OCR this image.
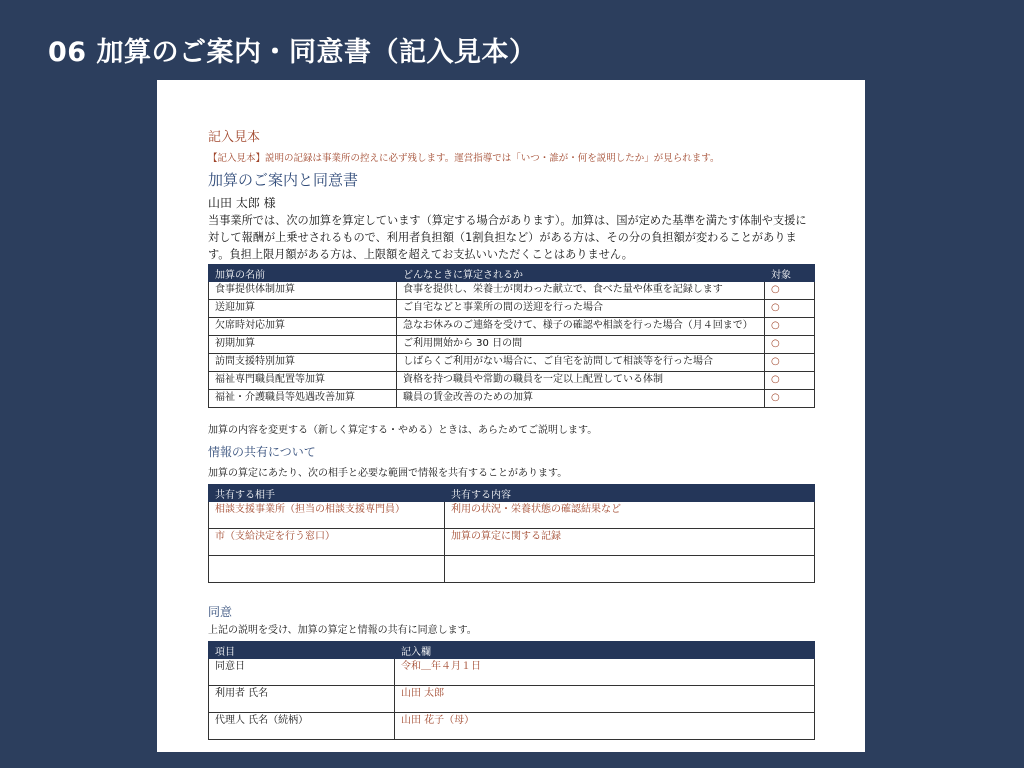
06 加算のご案内・同意書（記入見本）

記入見本

【記入見本】説明の記録は事業所の控えに必ず残します。運営指導では「いつ・誰が・何を説明したか」が見られます。

加算のご案内と同意書

山田 太郎 様

当事業所では、次の加算を算定しています（算定する場合があります）。加算は、国が定めた基準を満たす体制や支援に対して報酬が上乗せされるもので、利用者負担額（1割負担など）がある方は、その分の負担額が変わることがあります。負担上限月額がある方は、上限額を超えてお支払いいただくことはありません。

加算の名前	どんなときに算定されるか	対象
食事提供体制加算	食事を提供し、栄養士が関わった献立で、食べた量や体重を記録します	○
送迎加算	ご自宅などと事業所の間の送迎を行った場合	○
欠席時対応加算	急なお休みのご連絡を受けて、様子の確認や相談を行った場合（月４回まで）	○
初期加算	ご利用開始から 30 日の間	○
訪問支援特別加算	しばらくご利用がない場合に、ご自宅を訪問して相談等を行った場合	○
福祉専門職員配置等加算	資格を持つ職員や常勤の職員を一定以上配置している体制	○
福祉・介護職員等処遇改善加算	職員の賃金改善のための加算	○

加算の内容を変更する（新しく算定する・やめる）ときは、あらためてご説明します。

情報の共有について

加算の算定にあたり、次の相手と必要な範囲で情報を共有することがあります。

共有する相手	共有する内容
相談支援事業所（担当の相談支援専門員）	利用の状況・栄養状態の確認結果など
市（支給決定を行う窓口）	加算の算定に関する記録

同意

上記の説明を受け、加算の算定と情報の共有に同意します。

項目	記入欄
同意日	令和＿年４月１日
利用者 氏名	山田 太郎
代理人 氏名（続柄）	山田 花子（母）
